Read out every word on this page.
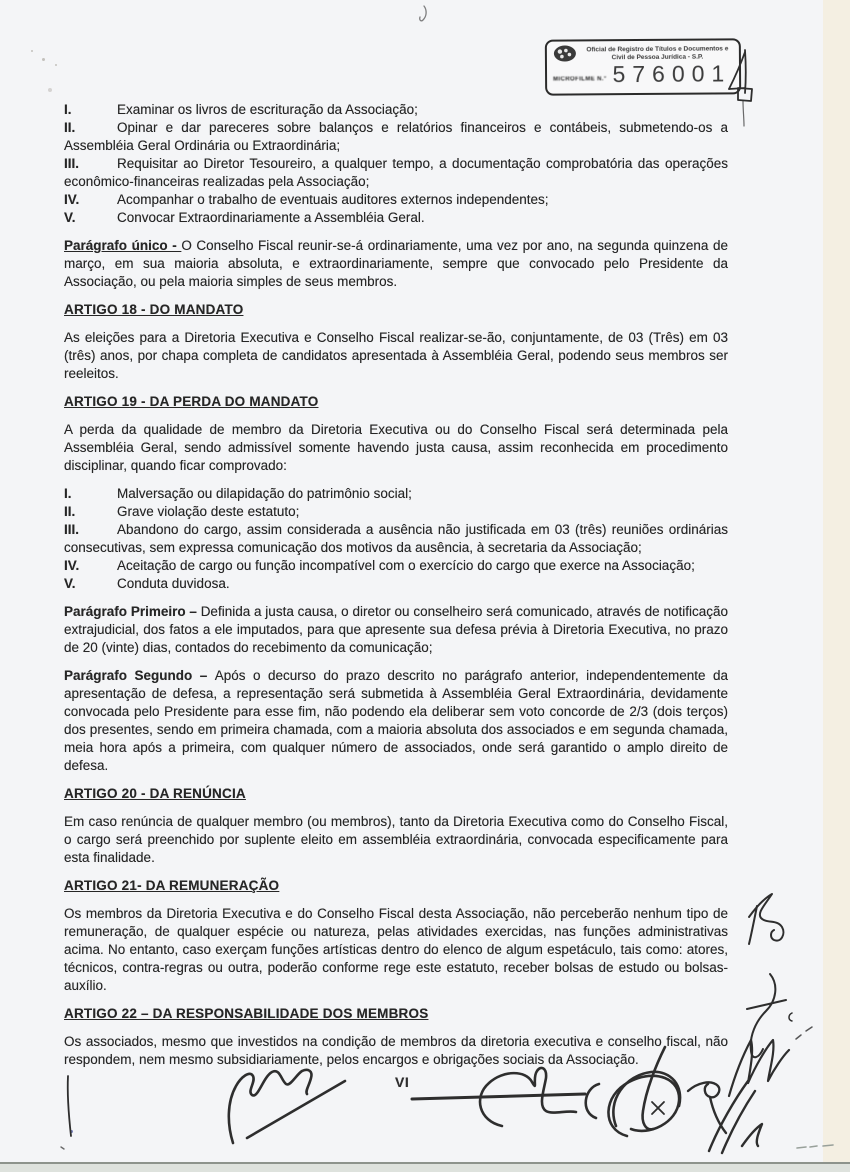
Oficial de Registro de Títulos e Documentos e
Civil de Pessoa Jurídica - S.P.
MICROFILME N.º 576001
I.	Examinar os livros de escrituração da Associação;
II.	Opinar e dar pareceres sobre balanços e relatórios financeiros e contábeis, submetendo-os a Assembléia Geral Ordinária ou Extraordinária;
III.	Requisitar ao Diretor Tesoureiro, a qualquer tempo, a documentação comprobatória das operações econômico-financeiras realizadas pela Associação;
IV.	Acompanhar o trabalho de eventuais auditores externos independentes;
V.	Convocar Extraordinariamente a Assembléia Geral.
Parágrafo único - O Conselho Fiscal reunir-se-á ordinariamente, uma vez por ano, na segunda quinzena de março, em sua maioria absoluta, e extraordinariamente, sempre que convocado pelo Presidente da Associação, ou pela maioria simples de seus membros.
ARTIGO 18 - DO MANDATO
As eleições para a Diretoria Executiva e Conselho Fiscal realizar-se-ão, conjuntamente, de 03 (Três) em 03 (três) anos, por chapa completa de candidatos apresentada à Assembléia Geral, podendo seus membros ser reeleitos.
ARTIGO 19 - DA PERDA DO MANDATO
A perda da qualidade de membro da Diretoria Executiva ou do Conselho Fiscal será determinada pela Assembléia Geral, sendo admissível somente havendo justa causa, assim reconhecida em procedimento disciplinar, quando ficar comprovado:
I.	Malversação ou dilapidação do patrimônio social;
II.	Grave violação deste estatuto;
III.	Abandono do cargo, assim considerada a ausência não justificada em 03 (três) reuniões ordinárias consecutivas, sem expressa comunicação dos motivos da ausência, à secretaria da Associação;
IV.	Aceitação de cargo ou função incompatível com o exercício do cargo que exerce na Associação;
V.	Conduta duvidosa.
Parágrafo Primeiro – Definida a justa causa, o diretor ou conselheiro será comunicado, através de notificação extrajudicial, dos fatos a ele imputados, para que apresente sua defesa prévia à Diretoria Executiva, no prazo de 20 (vinte) dias, contados do recebimento da comunicação;
Parágrafo Segundo – Após o decurso do prazo descrito no parágrafo anterior, independentemente da apresentação de defesa, a representação será submetida à Assembléia Geral Extraordinária, devidamente convocada pelo Presidente para esse fim, não podendo ela deliberar sem voto concorde de 2/3 (dois terços) dos presentes, sendo em primeira chamada, com a maioria absoluta dos associados e em segunda chamada, meia hora após a primeira, com qualquer número de associados, onde será garantido o amplo direito de defesa.
ARTIGO 20 - DA RENÚNCIA
Em caso renúncia de qualquer membro (ou membros), tanto da Diretoria Executiva como do Conselho Fiscal, o cargo será preenchido por suplente eleito em assembléia extraordinária, convocada especificamente para esta finalidade.
ARTIGO 21- DA REMUNERAÇÃO
Os membros da Diretoria Executiva e do Conselho Fiscal desta Associação, não perceberão nenhum tipo de remuneração, de qualquer espécie ou natureza, pelas atividades exercidas, nas funções administrativas acima. No entanto, caso exerçam funções artísticas dentro do elenco de algum espetáculo, tais como: atores, técnicos, contra-regras ou outra, poderão conforme rege este estatuto, receber bolsas de estudo ou bolsas-auxílio.
ARTIGO 22 – DA RESPONSABILIDADE DOS MEMBROS
Os associados, mesmo que investidos na condição de membros da diretoria executiva e conselho fiscal, não respondem, nem mesmo subsidiariamente, pelos encargos e obrigações sociais da Associação.
VI
